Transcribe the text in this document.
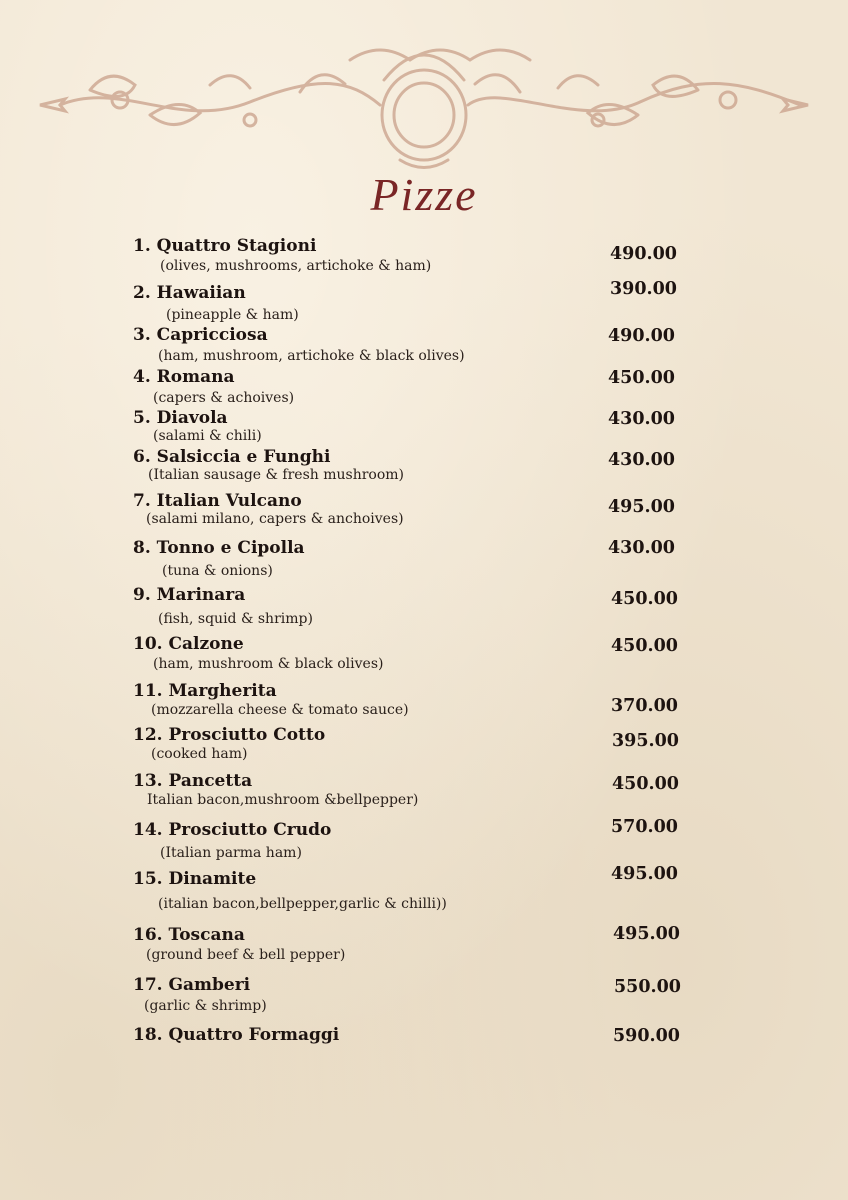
Pizze
1. Quattro Stagioni
(olives, mushrooms, artichoke & ham)
490.00
2. Hawaiian
(pineapple & ham)
390.00
3. Capricciosa
(ham, mushroom, artichoke & black olives)
490.00
4. Romana
(capers & achoives)
450.00
5. Diavola
(salami & chili)
430.00
6. Salsiccia e Funghi
(Italian sausage & fresh mushroom)
430.00
7. Italian Vulcano
(salami milano, capers & anchoives)
495.00
8. Tonno e Cipolla
(tuna & onions)
430.00
9. Marinara
(fish, squid & shrimp)
450.00
10. Calzone
(ham, mushroom & black olives)
450.00
11. Margherita
(mozzarella cheese & tomato sauce)	370.00
12. Prosciutto Cotto
(cooked ham)
395.00
13. Pancetta
Italian bacon,mushroom &bellpepper)
450.00
14. Prosciutto Crudo
(Italian parma ham)
570.00
15. Dinamite
(italian bacon,bellpepper,garlic & chilli))
495.00
16. Toscana
(ground beef & bell pepper)
495.00
17. Gamberi
(garlic & shrimp)
550.00
18. Quattro Formaggi	590.00
